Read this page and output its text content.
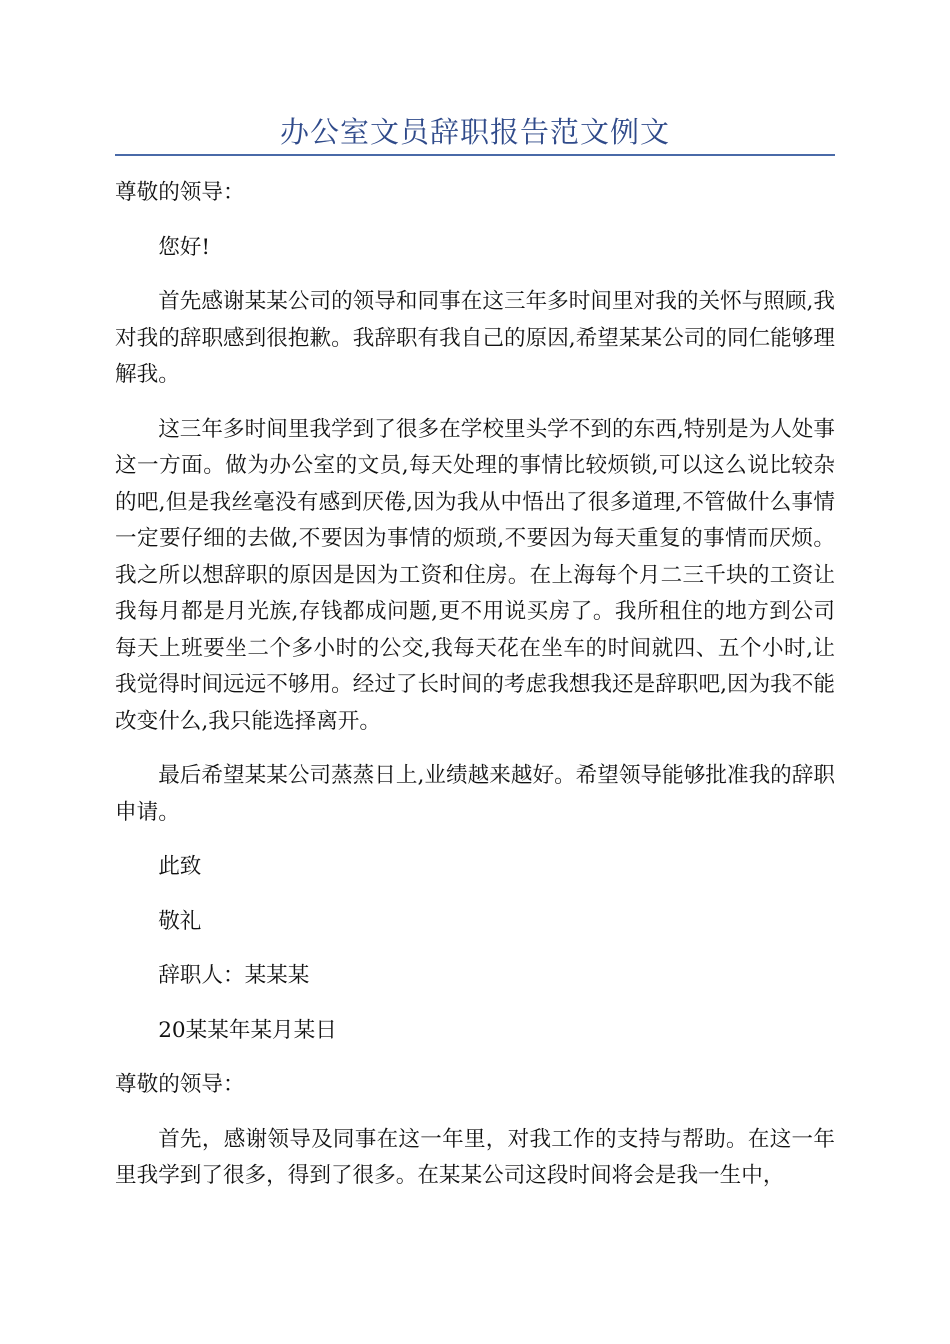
办公室文员辞职报告范文例文

尊敬的领导：

您好!

首先感谢某某公司的领导和同事在这三年多时间里对我的关怀与照顾,我对我的辞职感到很抱歉。我辞职有我自己的原因,希望某某公司的同仁能够理解我。

这三年多时间里我学到了很多在学校里头学不到的东西,特别是为人处事这一方面。做为办公室的文员,每天处理的事情比较烦锁,可以这么说比较杂的吧,但是我丝毫没有感到厌倦,因为我从中悟出了很多道理,不管做什么事情一定要仔细的去做,不要因为事情的烦琐,不要因为每天重复的事情而厌烦。我之所以想辞职的原因是因为工资和住房。在上海每个月二三千块的工资让我每月都是月光族,存钱都成问题,更不用说买房了。我所租住的地方到公司每天上班要坐二个多小时的公交,我每天花在坐车的时间就四、五个小时,让我觉得时间远远不够用。经过了长时间的考虑我想我还是辞职吧,因为我不能改变什么,我只能选择离开。

最后希望某某公司蒸蒸日上,业绩越来越好。希望领导能够批准我的辞职申请。

此致

敬礼

辞职人：某某某

20某某年某月某日

尊敬的领导：

首先，感谢领导及同事在这一年里，对我工作的支持与帮助。在这一年里我学到了很多，得到了很多。在某某公司这段时间将会是我一生中，
